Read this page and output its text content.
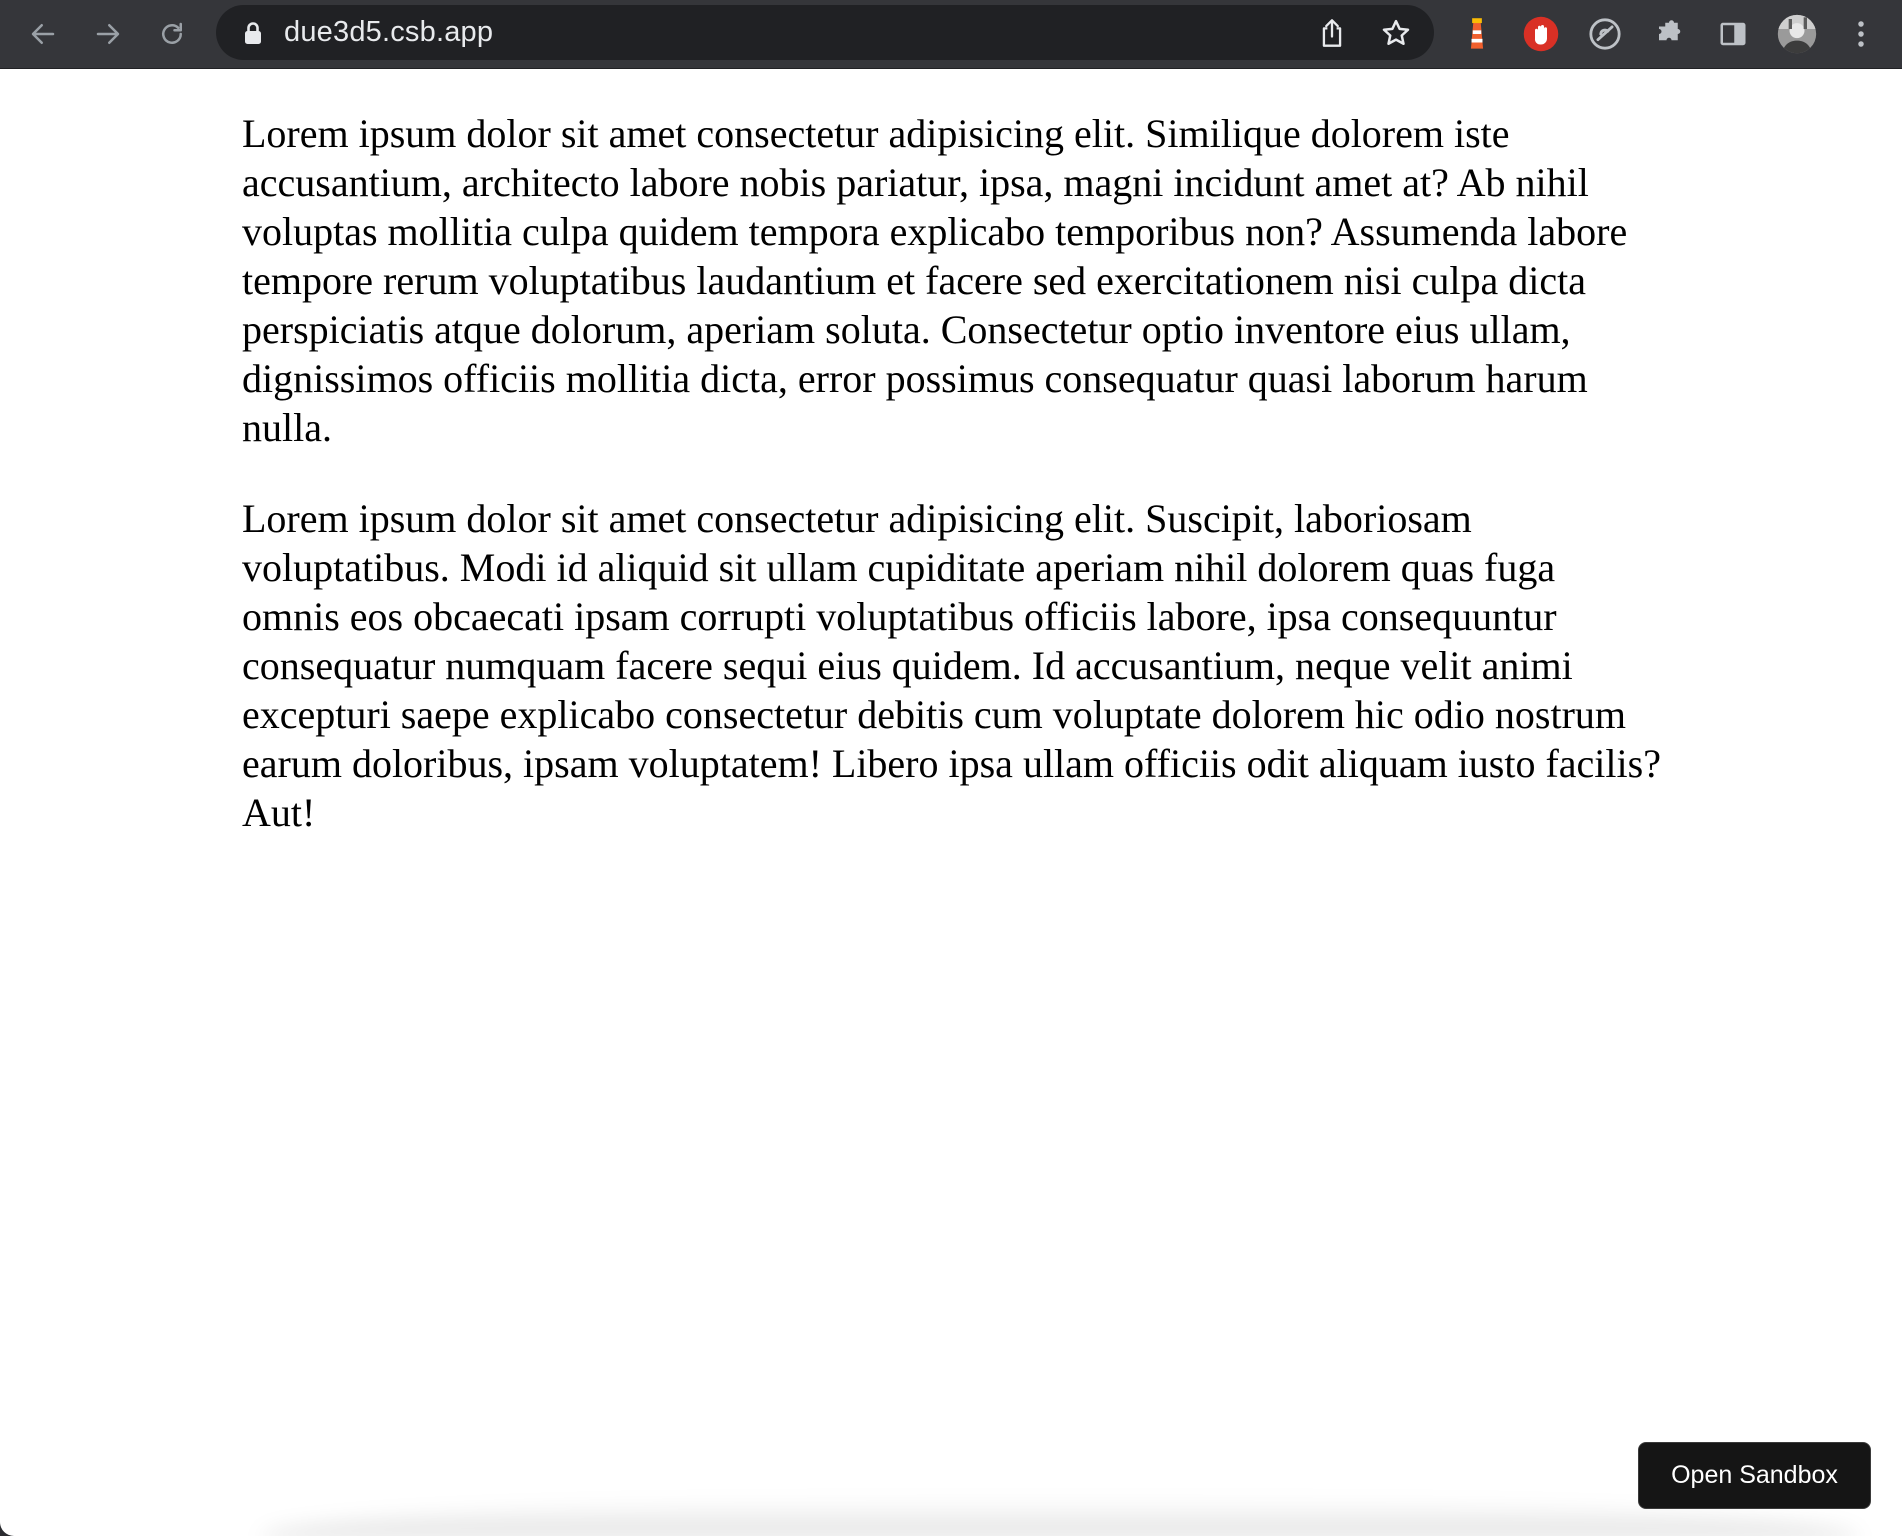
due3d5.csb.app

Lorem ipsum dolor sit amet consectetur adipisicing elit. Similique dolorem iste accusantium, architecto labore nobis pariatur, ipsa, magni incidunt amet at? Ab nihil voluptas mollitia culpa quidem tempora explicabo temporibus non? Assumenda labore tempore rerum voluptatibus laudantium et facere sed exercitationem nisi culpa dicta perspiciatis atque dolorum, aperiam soluta. Consectetur optio inventore eius ullam, dignissimos officiis mollitia dicta, error possimus consequatur quasi laborum harum nulla.

Lorem ipsum dolor sit amet consectetur adipisicing elit. Suscipit, laboriosam voluptatibus. Modi id aliquid sit ullam cupiditate aperiam nihil dolorem quas fuga omnis eos obcaecati ipsam corrupti voluptatibus officiis labore, ipsa consequuntur consequatur numquam facere sequi eius quidem. Id accusantium, neque velit animi excepturi saepe explicabo consectetur debitis cum voluptate dolorem hic odio nostrum earum doloribus, ipsam voluptatem! Libero ipsa ullam officiis odit aliquam iusto facilis? Aut!

Open Sandbox
